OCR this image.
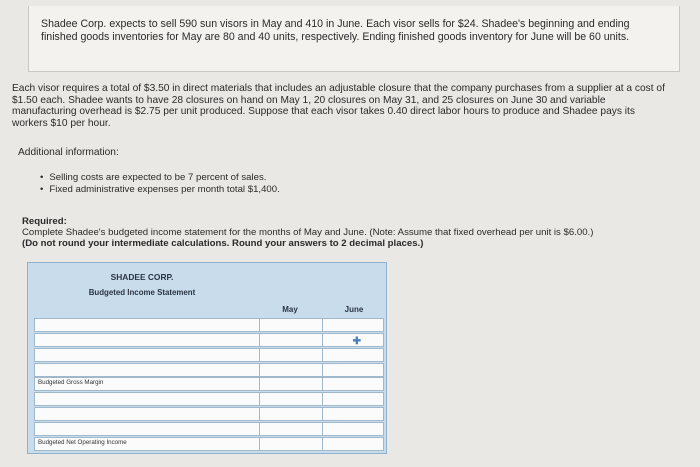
Shadee Corp. expects to sell 590 sun visors in May and 410 in June. Each visor sells for $24. Shadee's beginning and ending finished goods inventories for May are 80 and 40 units, respectively. Ending finished goods inventory for June will be 60 units.
Each visor requires a total of $3.50 in direct materials that includes an adjustable closure that the company purchases from a supplier at a cost of $1.50 each. Shadee wants to have 28 closures on hand on May 1, 20 closures on May 31, and 25 closures on June 30 and variable manufacturing overhead is $2.75 per unit produced. Suppose that each visor takes 0.40 direct labor hours to produce and Shadee pays its workers $10 per hour.
Additional information:
• Selling costs are expected to be 7 percent of sales.
• Fixed administrative expenses per month total $1,400.
Required:
Complete Shadee's budgeted income statement for the months of May and June. (Note: Assume that fixed overhead per unit is $6.00.)
(Do not round your intermediate calculations. Round your answers to 2 decimal places.)
SHADEE CORP.
Budgeted Income Statement
May	June
✚
Budgeted Gross Margin
Budgeted Net Operating Income
